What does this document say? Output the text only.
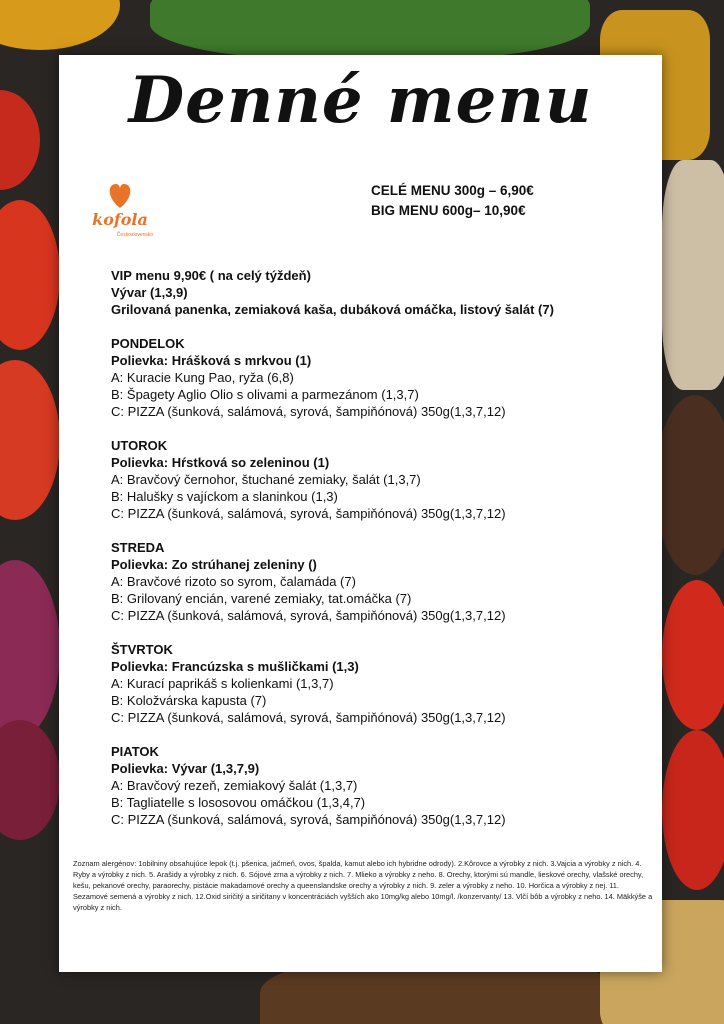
Denné menu
kofola
Československo
CELÉ MENU 300g – 6,90€
BIG MENU 600g– 10,90€
VIP menu 9,90€ ( na celý týždeň)
Vývar (1,3,9)
Grilovaná panenka, zemiaková kaša, dubáková omáčka, listový šalát (7)
PONDELOK
Polievka: Hrášková s mrkvou (1)
A: Kuracie Kung Pao, ryža (6,8)
B: Špagety Aglio Olio s olivami a parmezánom (1,3,7)
C: PIZZA (šunková, salámová, syrová, šampiňónová) 350g(1,3,7,12)
UTOROK
Polievka: Hŕstková so zeleninou (1)
A: Bravčový černohor, štuchané zemiaky, šalát (1,3,7)
B: Halušky s vajíckom a slaninkou (1,3)
C: PIZZA (šunková, salámová, syrová, šampiňónová) 350g(1,3,7,12)
STREDA
Polievka: Zo strúhanej zeleniny ()
A: Bravčové rizoto so syrom, čalamáda (7)
B: Grilovaný encián, varené zemiaky, tat.omáčka (7)
C: PIZZA (šunková, salámová, syrová, šampiňónová) 350g(1,3,7,12)
ŠTVRTOK
Polievka: Francúzska s mušličkami (1,3)
A: Kurací paprikáš s kolienkami (1,3,7)
B: Koložvárska kapusta (7)
C: PIZZA (šunková, salámová, syrová, šampiňónová) 350g(1,3,7,12)
PIATOK
Polievka: Vývar (1,3,7,9)
A: Bravčový rezeň, zemiakový šalát (1,3,7)
B: Tagliatelle s lososovou omáčkou (1,3,4,7)
C: PIZZA (šunková, salámová, syrová, šampiňónová) 350g(1,3,7,12)
Zoznam alergénov: 1obilniny obsahujúce lepok (t.j. pšenica, jačmeň, ovos, špalda, kamut alebo ich hybridne odrody). 2.Kôrovce a výrobky z nich. 3.Vajcia a výrobky z nich. 4. Ryby a výrobky z nich. 5. Arašidy a výrobky z nich. 6. Sójové zrna a výrobky z nich. 7. Mlieko a výrobky z neho. 8. Orechy, ktorými sú mandle, lieskové orechy, vlašské orechy, kešu, pekanové orechy, paraorechy, pistácie makadamové orechy a queenslandske orechy a výrobky z nich. 9. zeler a výrobky z neho. 10. Horčica a výrobky z nej. 11. Sezamové semená a výrobky z nich. 12.Oxid siričitý a siričitany v koncentráciách vyšších ako 10mg/kg alebo 10mg/l. /konzervanty/ 13. Vlčí bôb a výrobky z neho. 14. Mäkkýše a výrobky z nich.
